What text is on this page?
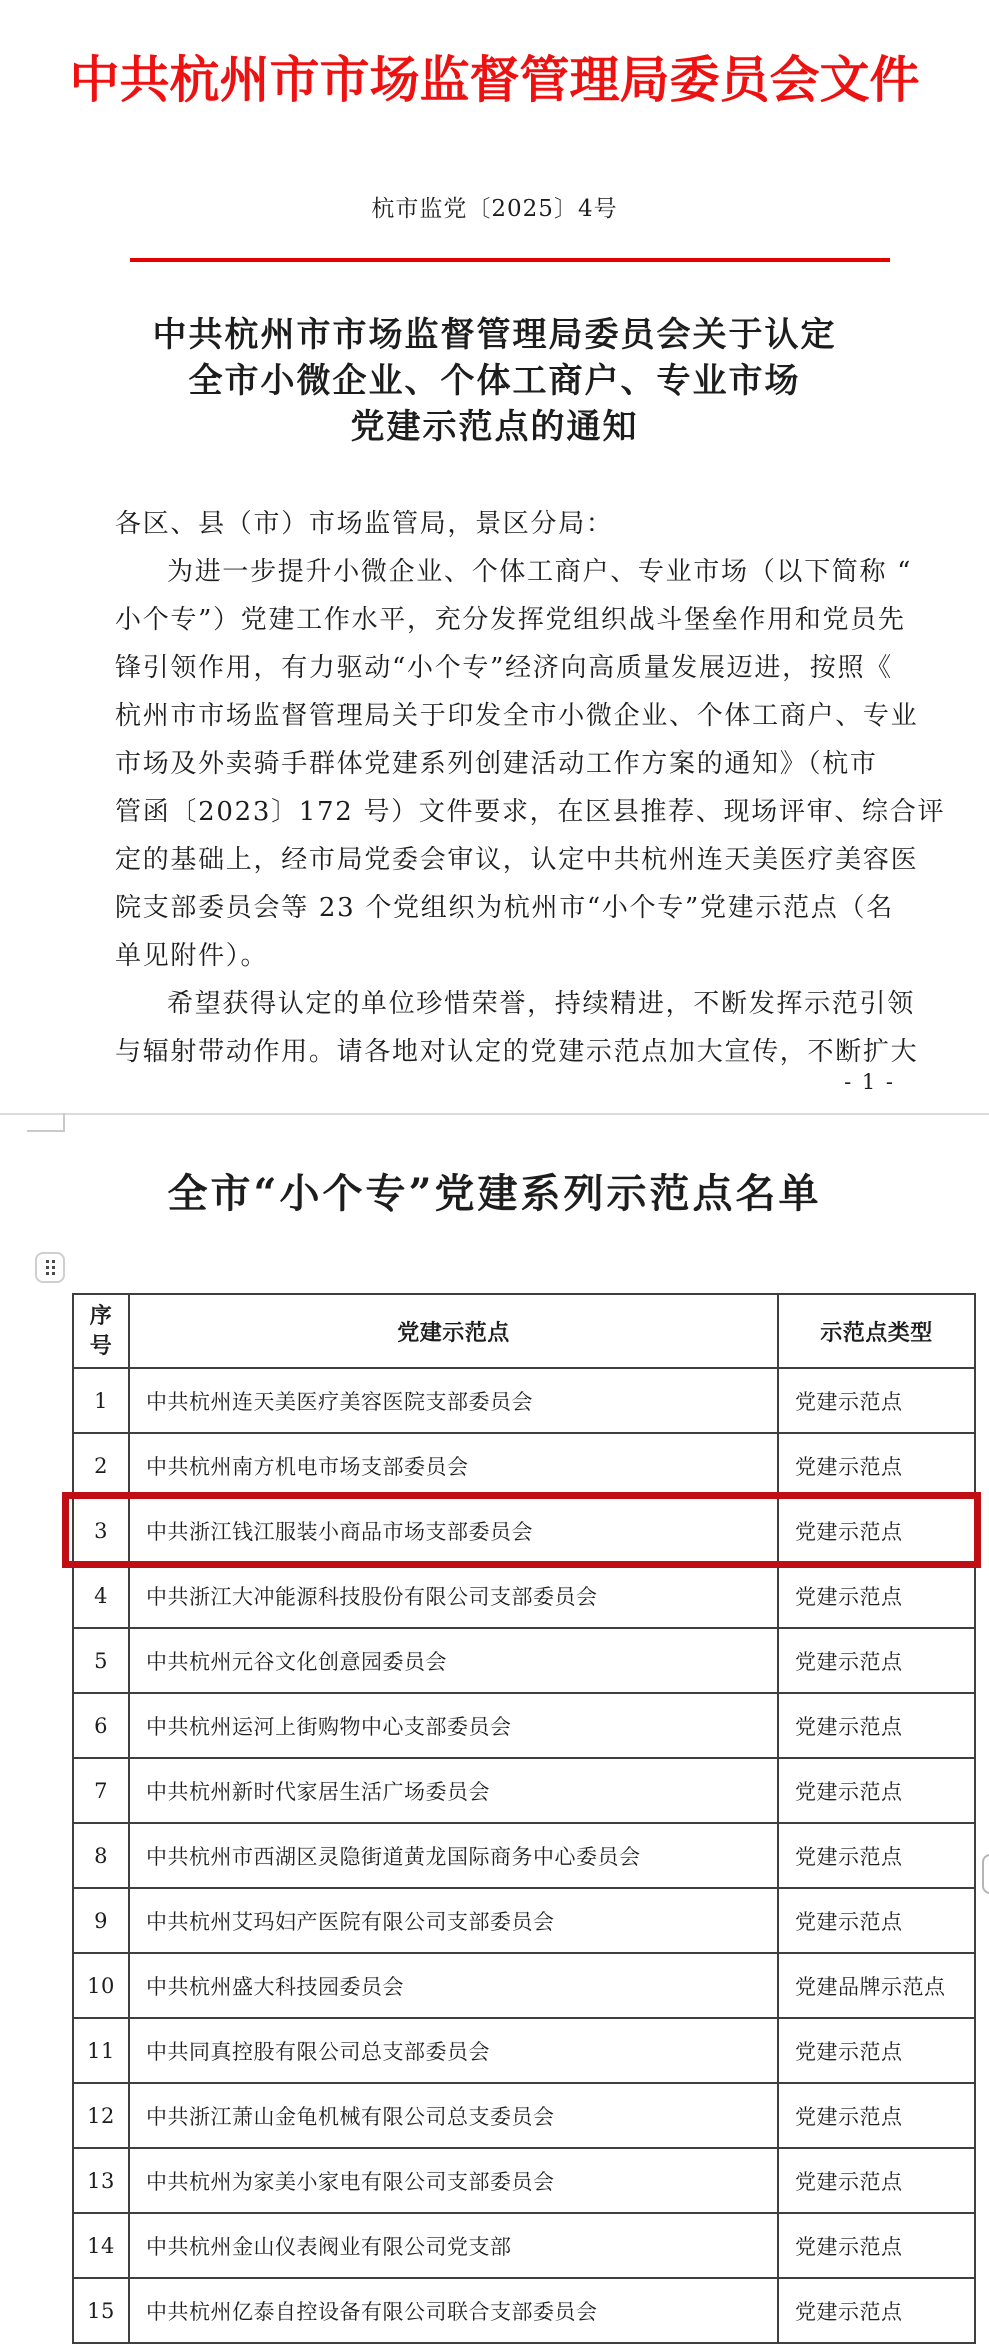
中共杭州市市场监督管理局委员会文件
杭市监党〔2025〕4号
中共杭州市市场监督管理局委员会关于认定
全市小微企业、个体工商户、专业市场
党建示范点的通知
各区、县（市）市场监管局，景区分局：
为进一步提升小微企业、个体工商户、专业市场（以下简称 “
小个专”）党建工作水平，充分发挥党组织战斗堡垒作用和党员先
锋引领作用，有力驱动“小个专”经济向高质量发展迈进，按照《
杭州市市场监督管理局关于印发全市小微企业、个体工商户、专业
市场及外卖骑手群体党建系列创建活动工作方案的通知》（杭市
管函〔2023〕172 号）文件要求，在区县推荐、现场评审、综合评
定的基础上，经市局党委会审议，认定中共杭州连天美医疗美容医
院支部委员会等 23 个党组织为杭州市“小个专”党建示范点（名
单见附件）。
希望获得认定的单位珍惜荣誉，持续精进，不断发挥示范引领
与辐射带动作用。请各地对认定的党建示范点加大宣传，不断扩大
- 1 -
全市“小个专”党建系列示范点名单
序号	党建示范点	示范点类型
1	中共杭州连天美医疗美容医院支部委员会	党建示范点
2	中共杭州南方机电市场支部委员会	党建示范点
3	中共浙江钱江服装小商品市场支部委员会	党建示范点
4	中共浙江大冲能源科技股份有限公司支部委员会	党建示范点
5	中共杭州元谷文化创意园委员会	党建示范点
6	中共杭州运河上街购物中心支部委员会	党建示范点
7	中共杭州新时代家居生活广场委员会	党建示范点
8	中共杭州市西湖区灵隐街道黄龙国际商务中心委员会	党建示范点
9	中共杭州艾玛妇产医院有限公司支部委员会	党建示范点
10	中共杭州盛大科技园委员会	党建品牌示范点
11	中共同真控股有限公司总支部委员会	党建示范点
12	中共浙江萧山金龟机械有限公司总支委员会	党建示范点
13	中共杭州为家美小家电有限公司支部委员会	党建示范点
14	中共杭州金山仪表阀业有限公司党支部	党建示范点
15	中共杭州亿泰自控设备有限公司联合支部委员会	党建示范点
